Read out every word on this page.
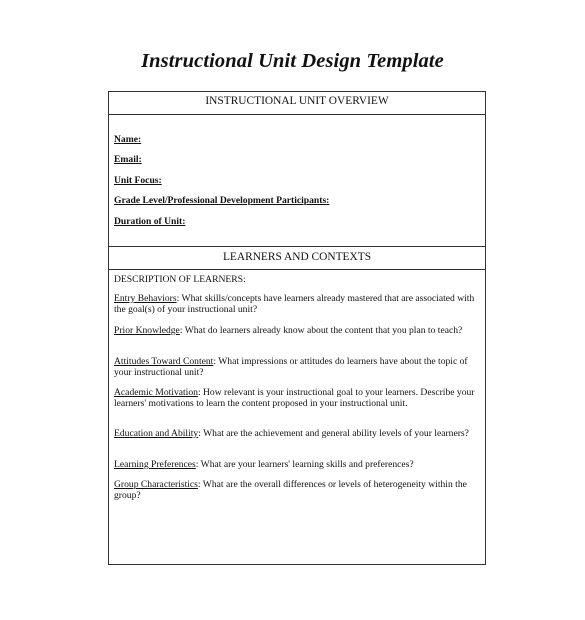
Instructional Unit Design Template
INSTRUCTIONAL UNIT OVERVIEW
Name:
Email:
Unit Focus:
Grade Level/Professional Development Participants:
Duration of Unit:
LEARNERS AND CONTEXTS
DESCRIPTION OF LEARNERS:
Entry Behaviors: What skills/concepts have learners already mastered that are associated with the goal(s) of your instructional unit?
Prior Knowledge: What do learners already know about the content that you plan to teach?
Attitudes Toward Content: What impressions or attitudes do learners have about the topic of your instructional unit?
Academic Motivation: How relevant is your instructional goal to your learners. Describe your learners' motivations to learn the content proposed in your instructional unit.
Education and Ability: What are the achievement and general ability levels of your learners?
Learning Preferences: What are your learners' learning skills and preferences?
Group Characteristics: What are the overall differences or levels of heterogeneity within the group?
